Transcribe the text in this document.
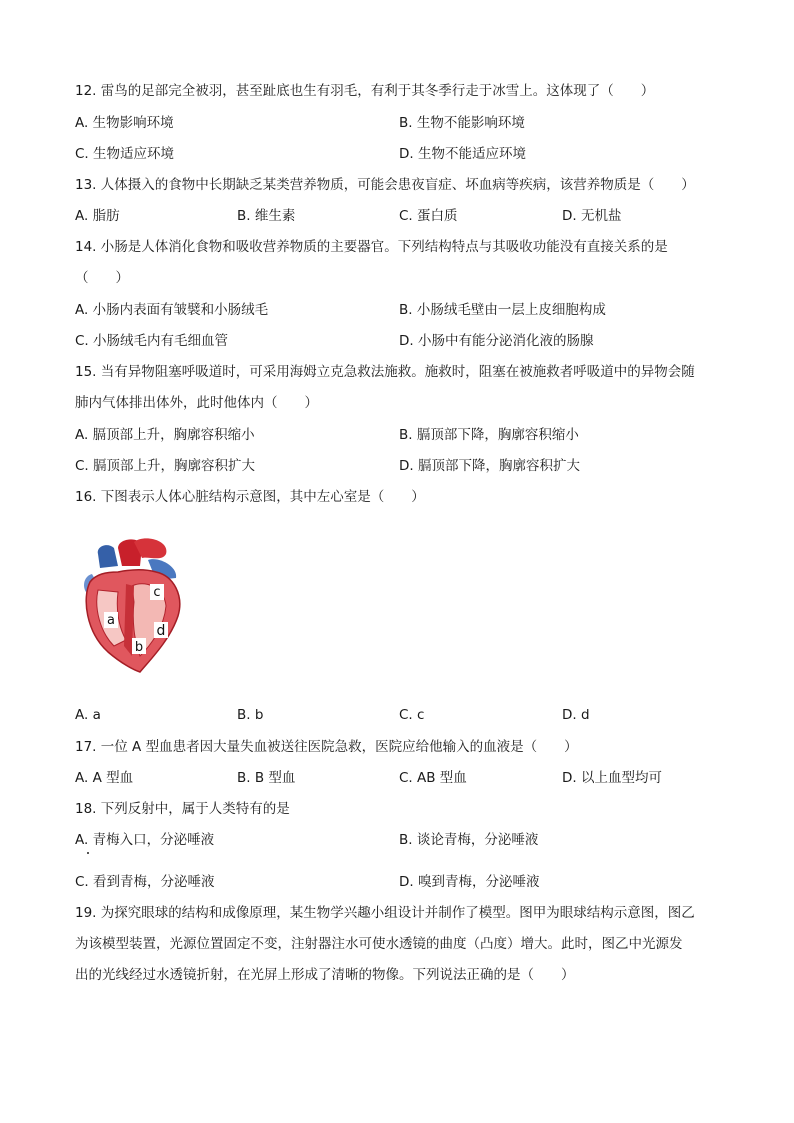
12. 雷鸟的足部完全被羽，甚至趾底也生有羽毛，有利于其冬季行走于冰雪上。这体现了（　　）
A. 生物影响环境	B. 生物不能影响环境
C. 生物适应环境	D. 生物不能适应环境
13. 人体摄入的食物中长期缺乏某类营养物质，可能会患夜盲症、坏血病等疾病，该营养物质是（　　）
A. 脂肪	B. 维生素	C. 蛋白质	D. 无机盐
14. 小肠是人体消化食物和吸收营养物质的主要器官。下列结构特点与其吸收功能没有直接关系的是
（　　）
A. 小肠内表面有皱襞和小肠绒毛	B. 小肠绒毛壁由一层上皮细胞构成
C. 小肠绒毛内有毛细血管	D. 小肠中有能分泌消化液的肠腺
15. 当有异物阻塞呼吸道时，可采用海姆立克急救法施救。施救时，阻塞在被施救者呼吸道中的异物会随
肺内气体排出体外，此时他体内（　　）
A. 膈顶部上升，胸廓容积缩小	B. 膈顶部下降，胸廓容积缩小
C. 膈顶部上升，胸廓容积扩大	D. 膈顶部下降，胸廓容积扩大
16. 下图表示人体心脏结构示意图，其中左心室是（　　）
c
a
d
b
A. a	B. b	C. c	D. d
17. 一位 A 型血患者因大量失血被送往医院急救，医院应给他输入的血液是（　　）
A. A 型血	B. B 型血	C. AB 型血	D. 以上血型均可
18. 下列反射中，属于人类特有的是
A. 青梅入口，分泌唾液	B. 谈论青梅，分泌唾液
C. 看到青梅，分泌唾液	D. 嗅到青梅，分泌唾液
19. 为探究眼球的结构和成像原理，某生物学兴趣小组设计并制作了模型。图甲为眼球结构示意图，图乙
为该模型装置，光源位置固定不变，注射器注水可使水透镜的曲度（凸度）增大。此时，图乙中光源发
出的光线经过水透镜折射，在光屏上形成了清晰的物像。下列说法正确的是（　　）
